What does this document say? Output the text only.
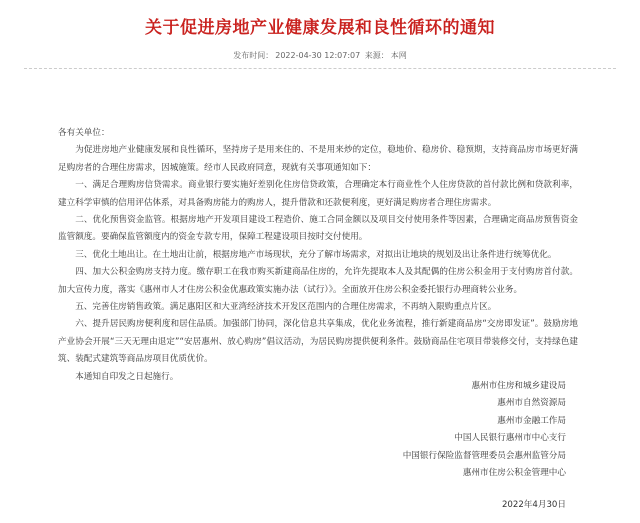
关于促进房地产业健康发展和良性循环的通知
发布时间： 2022-04-30 12:07:07 来源： 本网

各有关单位：

为促进房地产业健康发展和良性循环，坚持房子是用来住的、不是用来炒的定位，稳地价、稳房价、稳预期，支持商品房市场更好满足购房者的合理住房需求，因城施策。经市人民政府同意，现就有关事项通知如下：

一、满足合理购房信贷需求。商业银行要实施好差别化住房信贷政策，合理确定本行商业性个人住房贷款的首付款比例和贷款利率，建立科学审慎的信用评估体系，对具备购房能力的购房人，提升借款和还款便利度，更好满足购房者合理住房需求。

二、优化预售资金监管。根据房地产开发项目建设工程造价、施工合同金额以及项目交付使用条件等因素，合理确定商品房预售资金监管额度。要确保监管额度内的资金专款专用，保障工程建设项目按时交付使用。

三、优化土地出让。在土地出让前，根据房地产市场现状，充分了解市场需求，对拟出让地块的规划及出让条件进行统筹优化。

四、加大公积金购房支持力度。缴存职工在我市购买新建商品住房的，允许先提取本人及其配偶的住房公积金用于支付购房首付款。加大宣传力度，落实《惠州市人才住房公积金优惠政策实施办法（试行）》。全面放开住房公积金委托银行办理商转公业务。

五、完善住房销售政策。满足惠阳区和大亚湾经济技术开发区范围内的合理住房需求，不再纳入限购重点片区。

六、提升居民购房便利度和居住品质。加强部门协同，深化信息共享集成，优化业务流程，推行新建商品房“交房即发证”。鼓励房地产业协会开展“三天无理由退定”“安居惠州、放心购房”倡议活动，为居民购房提供便利条件。鼓励商品住宅项目带装修交付，支持绿色建筑、装配式建筑等商品房项目优质优价。

本通知自印发之日起施行。

惠州市住房和城乡建设局
惠州市自然资源局
惠州市金融工作局
中国人民银行惠州市中心支行
中国银行保险监督管理委员会惠州监管分局
惠州市住房公积金管理中心
2022年4月30日
